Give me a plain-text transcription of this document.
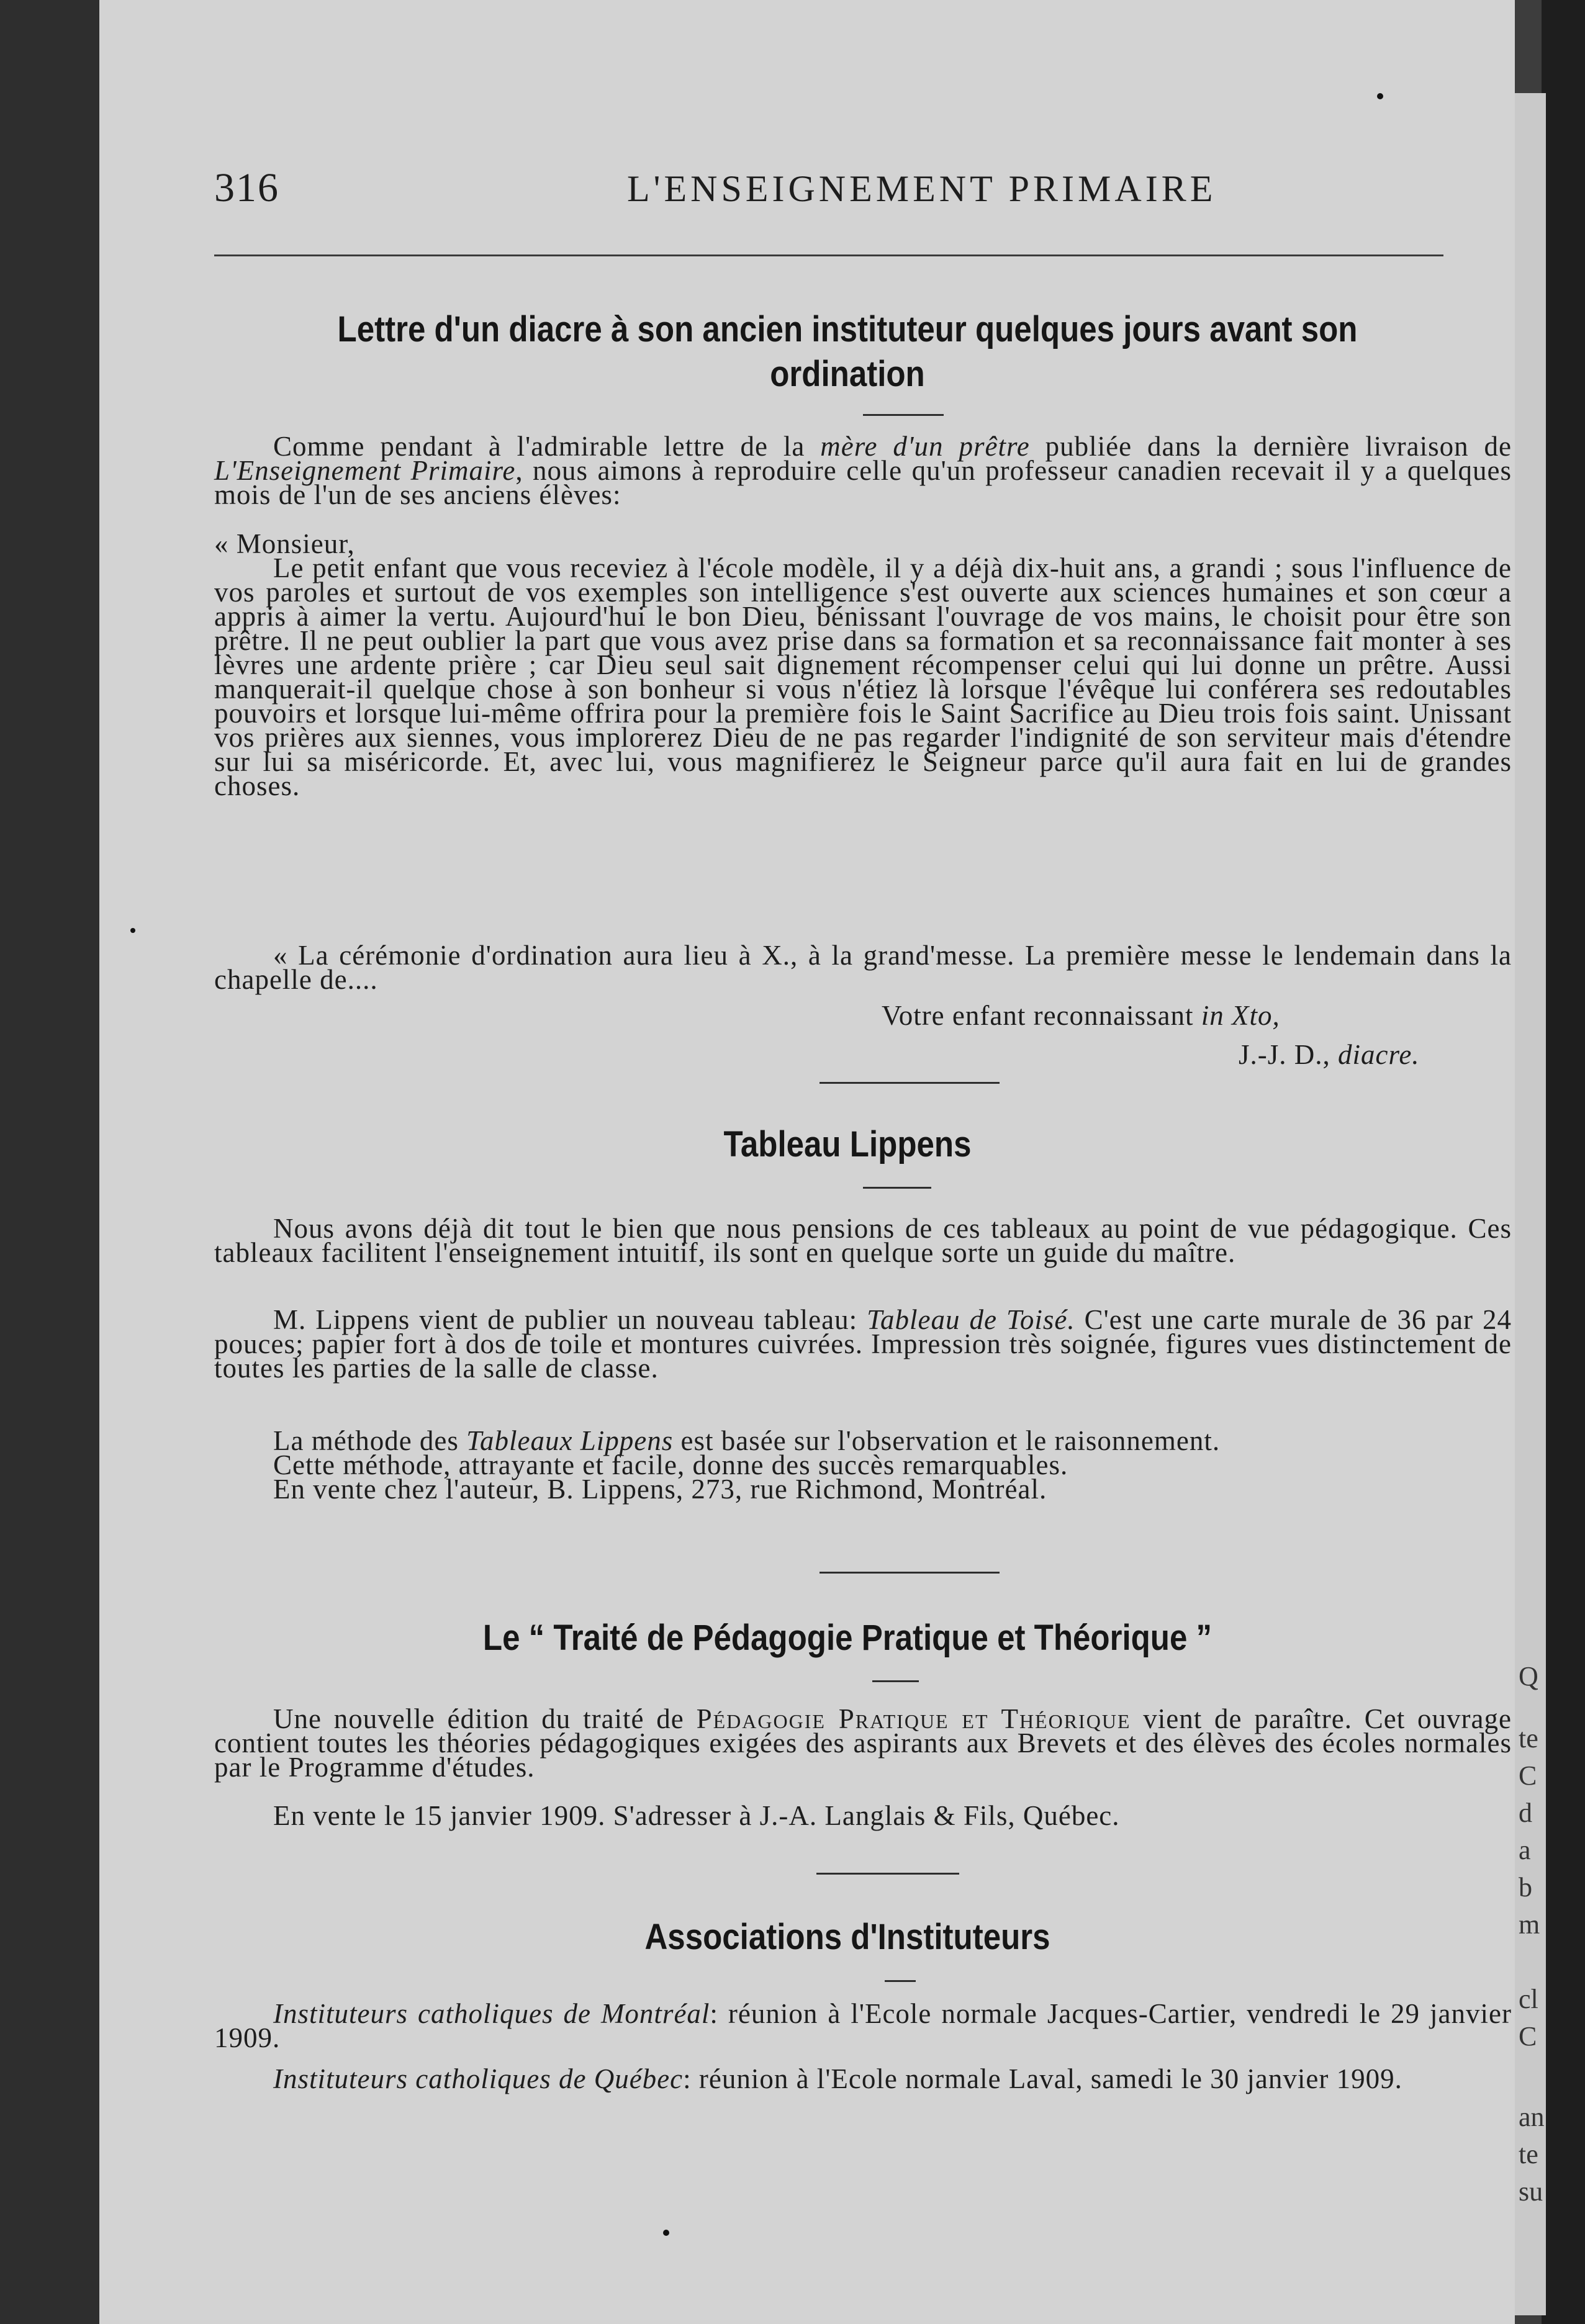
Q
te
C
d
a
b
m
cl
C
an
te
su
316	L'ENSEIGNEMENT PRIMAIRE
Lettre d'un diacre à son ancien instituteur quelques jours avant son ordination
Comme pendant à l'admirable lettre de la mère d'un prêtre publiée dans la dernière livraison de L'Enseignement Primaire, nous aimons à reproduire celle qu'un professeur canadien recevait il y a quelques mois de l'un de ses anciens élèves:
« Monsieur,
Le petit enfant que vous receviez à l'école modèle, il y a déjà dix-huit ans, a grandi ; sous l'influence de vos paroles et surtout de vos exemples son intelligence s'est ouverte aux sciences humaines et son cœur a appris à aimer la vertu. Aujourd'hui le bon Dieu, bénissant l'ouvrage de vos mains, le choisit pour être son prêtre. Il ne peut oublier la part que vous avez prise dans sa formation et sa reconnaissance fait monter à ses lèvres une ardente prière ; car Dieu seul sait dignement récompenser celui qui lui donne un prêtre. Aussi manquerait-il quelque chose à son bonheur si vous n'étiez là lorsque l'évêque lui conférera ses redoutables pouvoirs et lorsque lui-même offrira pour la première fois le Saint Sacrifice au Dieu trois fois saint. Unissant vos prières aux siennes, vous implorerez Dieu de ne pas regarder l'indignité de son serviteur mais d'étendre sur lui sa miséricorde. Et, avec lui, vous magnifierez le Seigneur parce qu'il aura fait en lui de grandes choses.
« La cérémonie d'ordination aura lieu à X., à la grand'messe. La première messe le lendemain dans la chapelle de....
Votre enfant reconnaissant in Xto,
J.-J. D., diacre.
Tableau Lippens
Nous avons déjà dit tout le bien que nous pensions de ces tableaux au point de vue pédagogique. Ces tableaux facilitent l'enseignement intuitif, ils sont en quelque sorte un guide du maître.
M. Lippens vient de publier un nouveau tableau: Tableau de Toisé. C'est une carte murale de 36 par 24 pouces; papier fort à dos de toile et montures cuivrées. Impression très soignée, figures vues distinctement de toutes les parties de la salle de classe.
La méthode des Tableaux Lippens est basée sur l'observation et le raisonnement.
Cette méthode, attrayante et facile, donne des succès remarquables.
En vente chez l'auteur, B. Lippens, 273, rue Richmond, Montréal.
Le “ Traité de Pédagogie Pratique et Théorique ”
Une nouvelle édition du traité de Pédagogie Pratique et Théorique vient de paraître. Cet ouvrage contient toutes les théories pédagogiques exigées des aspirants aux Brevets et des élèves des écoles normales par le Programme d'études.
En vente le 15 janvier 1909. S'adresser à J.-A. Langlais & Fils, Québec.
Associations d'Instituteurs
Instituteurs catholiques de Montréal: réunion à l'Ecole normale Jacques-Cartier, vendredi le 29 janvier 1909.
Instituteurs catholiques de Québec: réunion à l'Ecole normale Laval, samedi le 30 janvier 1909.
